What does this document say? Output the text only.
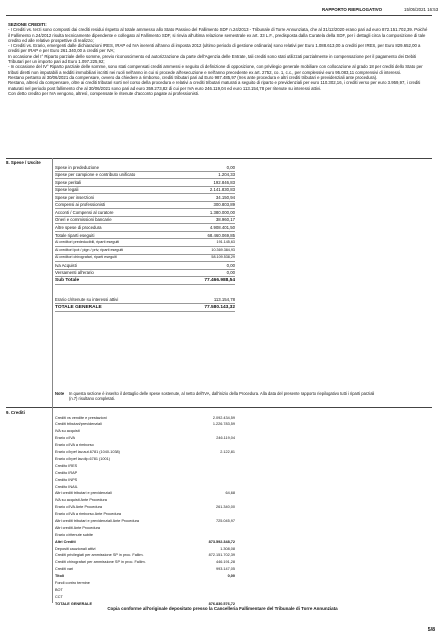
RAPPORTO RIEPILOGATIVO	15/05/2021 16:53
SEZIONE CREDITI:

- I Crediti vs. terzi sono composti dai crediti residui rispetto al totale ammesso allo Stato Passivo del Fallimento SDF n.24/2013 - Tribunale di Torre Annunziata, che al 31/12/2020 erano pari ad euro 872.151.702,39. Poiché il Fallimento n.24/2012 risulta tecnicamente dipendente e collegato al Fallimento SDF, si rinvia all'ultima relazione semestrale ex art. 33 L.F., predisposta dalla Curatela della SDF, per i dettagli circa la composizione di tale credito ed alle relative prospettive di realizzo;

- I Crediti vs. Erario, emergenti dalle dichiarazioni IRES, IRAP ed IVA inerenti all'anno di imposta 2012 (ultimo periodo di gestione ordinaria) sono relativi per Euro 1.088.613,00 a crediti per IRES, per Euro 829.652,00 a crediti per IRAP e per Euro 261.340,00 a crediti per IVA;

In occasione del I° Riparto parziale delle somme, previo riconoscimento ed autorizzazione da parte dell'Agenzia delle Entrate, tali crediti sono stati utilizzati parzialmente in compensazione per il pagamento dei Debiti Tributari per un importo pari ad Euro 1.097.225,92;

- In occasione del IV° Riparto parziale delle somme, sono stati compensati crediti ammessi e seguito di definizione di opposizione, con privilegio generale mobiliare con collocazione al grado 18 per crediti dello Stato per tributi diretti non imputabili a redditi immobiliari iscritti nei ruoli nell'anno in cui si procede all'esecuzione e nell'anno precedente ex art. 2752, co. 1, c.c., per complessivi euro 95.083,11 comprensivi di interessi.

Restano pertanto al 30/06/2021 da compensare, ovvero da chiedere a rimborso, crediti tributari pari ad Euro 987.485,97 (Ires ante procedura e altri crediti tributari e previdenziali ante procedura).

Restano, altresì da compensare, oltre ai crediti tributari sorti nel corso della procedura e relativi a crediti tributari maturati a seguito di riparto e previdenziali per euro 110.302,16, i crediti verso per euro 3.959,97, i crediti maturati nel periodo post fallimento che al 30/06/2021 sono pari ad euro 359.273,82 di cui per IVA euro 246.119,04 ed euro 113.154,78 per ritenute su interessi attivi.

Con detto credito per IVA vengono, altresì, compensate le ritenute d'acconto pagate ai professionisti.

8. Spese / Uscite
Spese in prededuzione	0,00
Spese per campione e contributo unificato	1.204,33
Spese peritali	192.846,83
Spese legali	2.141.830,83
Spese per inserzioni	34.150,94
Compensi ai professionisti	300.803,89
Acconti / Compensi al curatore	1.380.000,00
Oneri e commissioni bancarie	38.960,17
Altre spese di procedura	4.908.401,50
Totale riparti eseguiti	68.460.069,85
Ai creditori prededucibili, riparti eseguiti	191.145,63
Ai creditori ipot / pign / priv, riparti eseguiti	10.369.384,93
Ai creditori chirografari, riparti eseguiti	58.109.538,29
Iva Acquisti	0,00
Versamenti all'erario	0,00
Sub Totale	77.466.988,54
Erario c/ritenute su interessi attivi	113.154,78
TOTALE GENERALE	77.580.143,32
Note In questa sezione è inserito il dettaglio delle spese sostenute, al netto dell'IVA, dall'inizio della Procedura. Alla data del presente rapporto riepilogativo tutti i riparti parziali (n.7) risultano completati.
9. Crediti
Crediti vs vendite e prestazioni	2.092.434,59
Crediti tributari/previdenziali	1.226.783,59
IVA su acquisti
Erario c/IVA	246.119,04
Erario c/IVA a rimborso
Erario c/Irpef lav.aut.6781 (1040-1038)	2.122,81
Erario c/Irpef lav.dip.6781 (1001)
Credito IRES
Credito IRAP
Credito INPS
Credito INAIL
Altri crediti tributari e previdenziali	64,68
IVA su acquisti Ante Procedura
Erario c/IVA Ante Procedura	261.340,00
Erario c/IVA a rimborso Ante Procedura
Altri crediti tributari e previdenziali Ante Procedura	725.045,97
Altri crediti Ante Procedura
Erario c/ritenute subite
Altri Crediti	873.592.348,72
Depositi cauzionali attivi	1.308,08
Crediti privilegiati per ammissione SP in proc. Fallim.	872.151.702,39
Crediti chirografari per ammissione SP in proc. Fallim.	446.191,28
Crediti vari	993.147,05
Titoli	0,00
Fondi contro termine
BOT
CCT
TOTALE GENERALE	876.830.576,72
Copia conforme all'originale depositato presso la Cancelleria Fallimentare del Tribunale di Torre Annunziata
5/8
